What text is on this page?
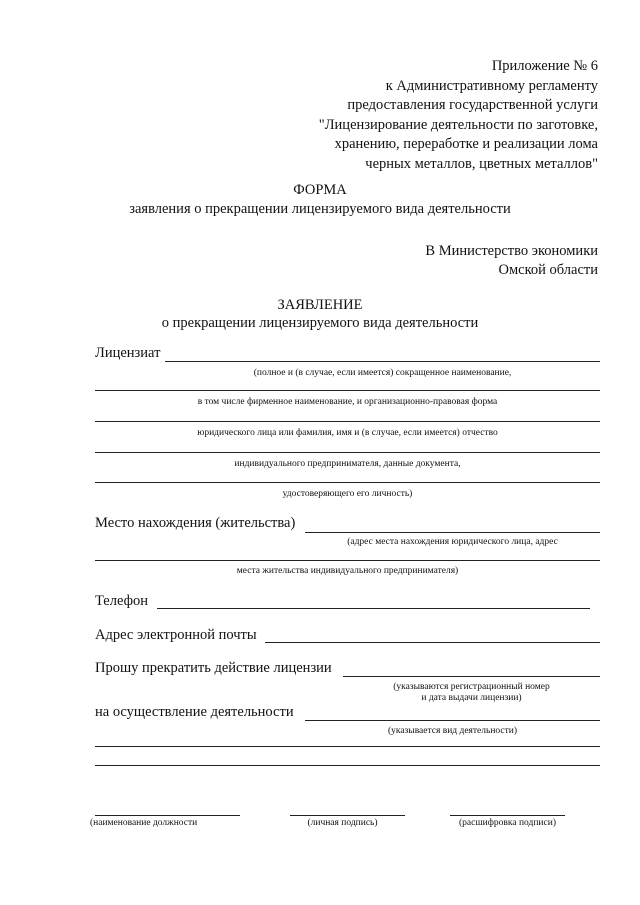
Приложение № 6
к Административному регламенту
предоставления государственной услуги
"Лицензирование деятельности по заготовке,
хранению, переработке и реализации лома
черных металлов, цветных металлов"
ФОРМА
заявления о прекращении лицензируемого вида деятельности
В Министерство экономики
Омской области
ЗАЯВЛЕНИЕ
о прекращении лицензируемого вида деятельности
Лицензиат
(полное и (в случае, если имеется) сокращенное наименование,
в том числе фирменное наименование, и организационно-правовая форма
юридического лица или фамилия, имя и (в случае, если имеется) отчество
индивидуального предпринимателя, данные документа,
удостоверяющего его личность)
Место нахождения (жительства)
(адрес места нахождения юридического лица, адрес
места жительства индивидуального предпринимателя)
Телефон
Адрес электронной почты
Прошу прекратить действие лицензии
(указываются регистрационный номер
и дата выдачи лицензии)
на осуществление деятельности
(указывается вид деятельности)
(наименование должности	(личная подпись)	(расшифровка подписи)
